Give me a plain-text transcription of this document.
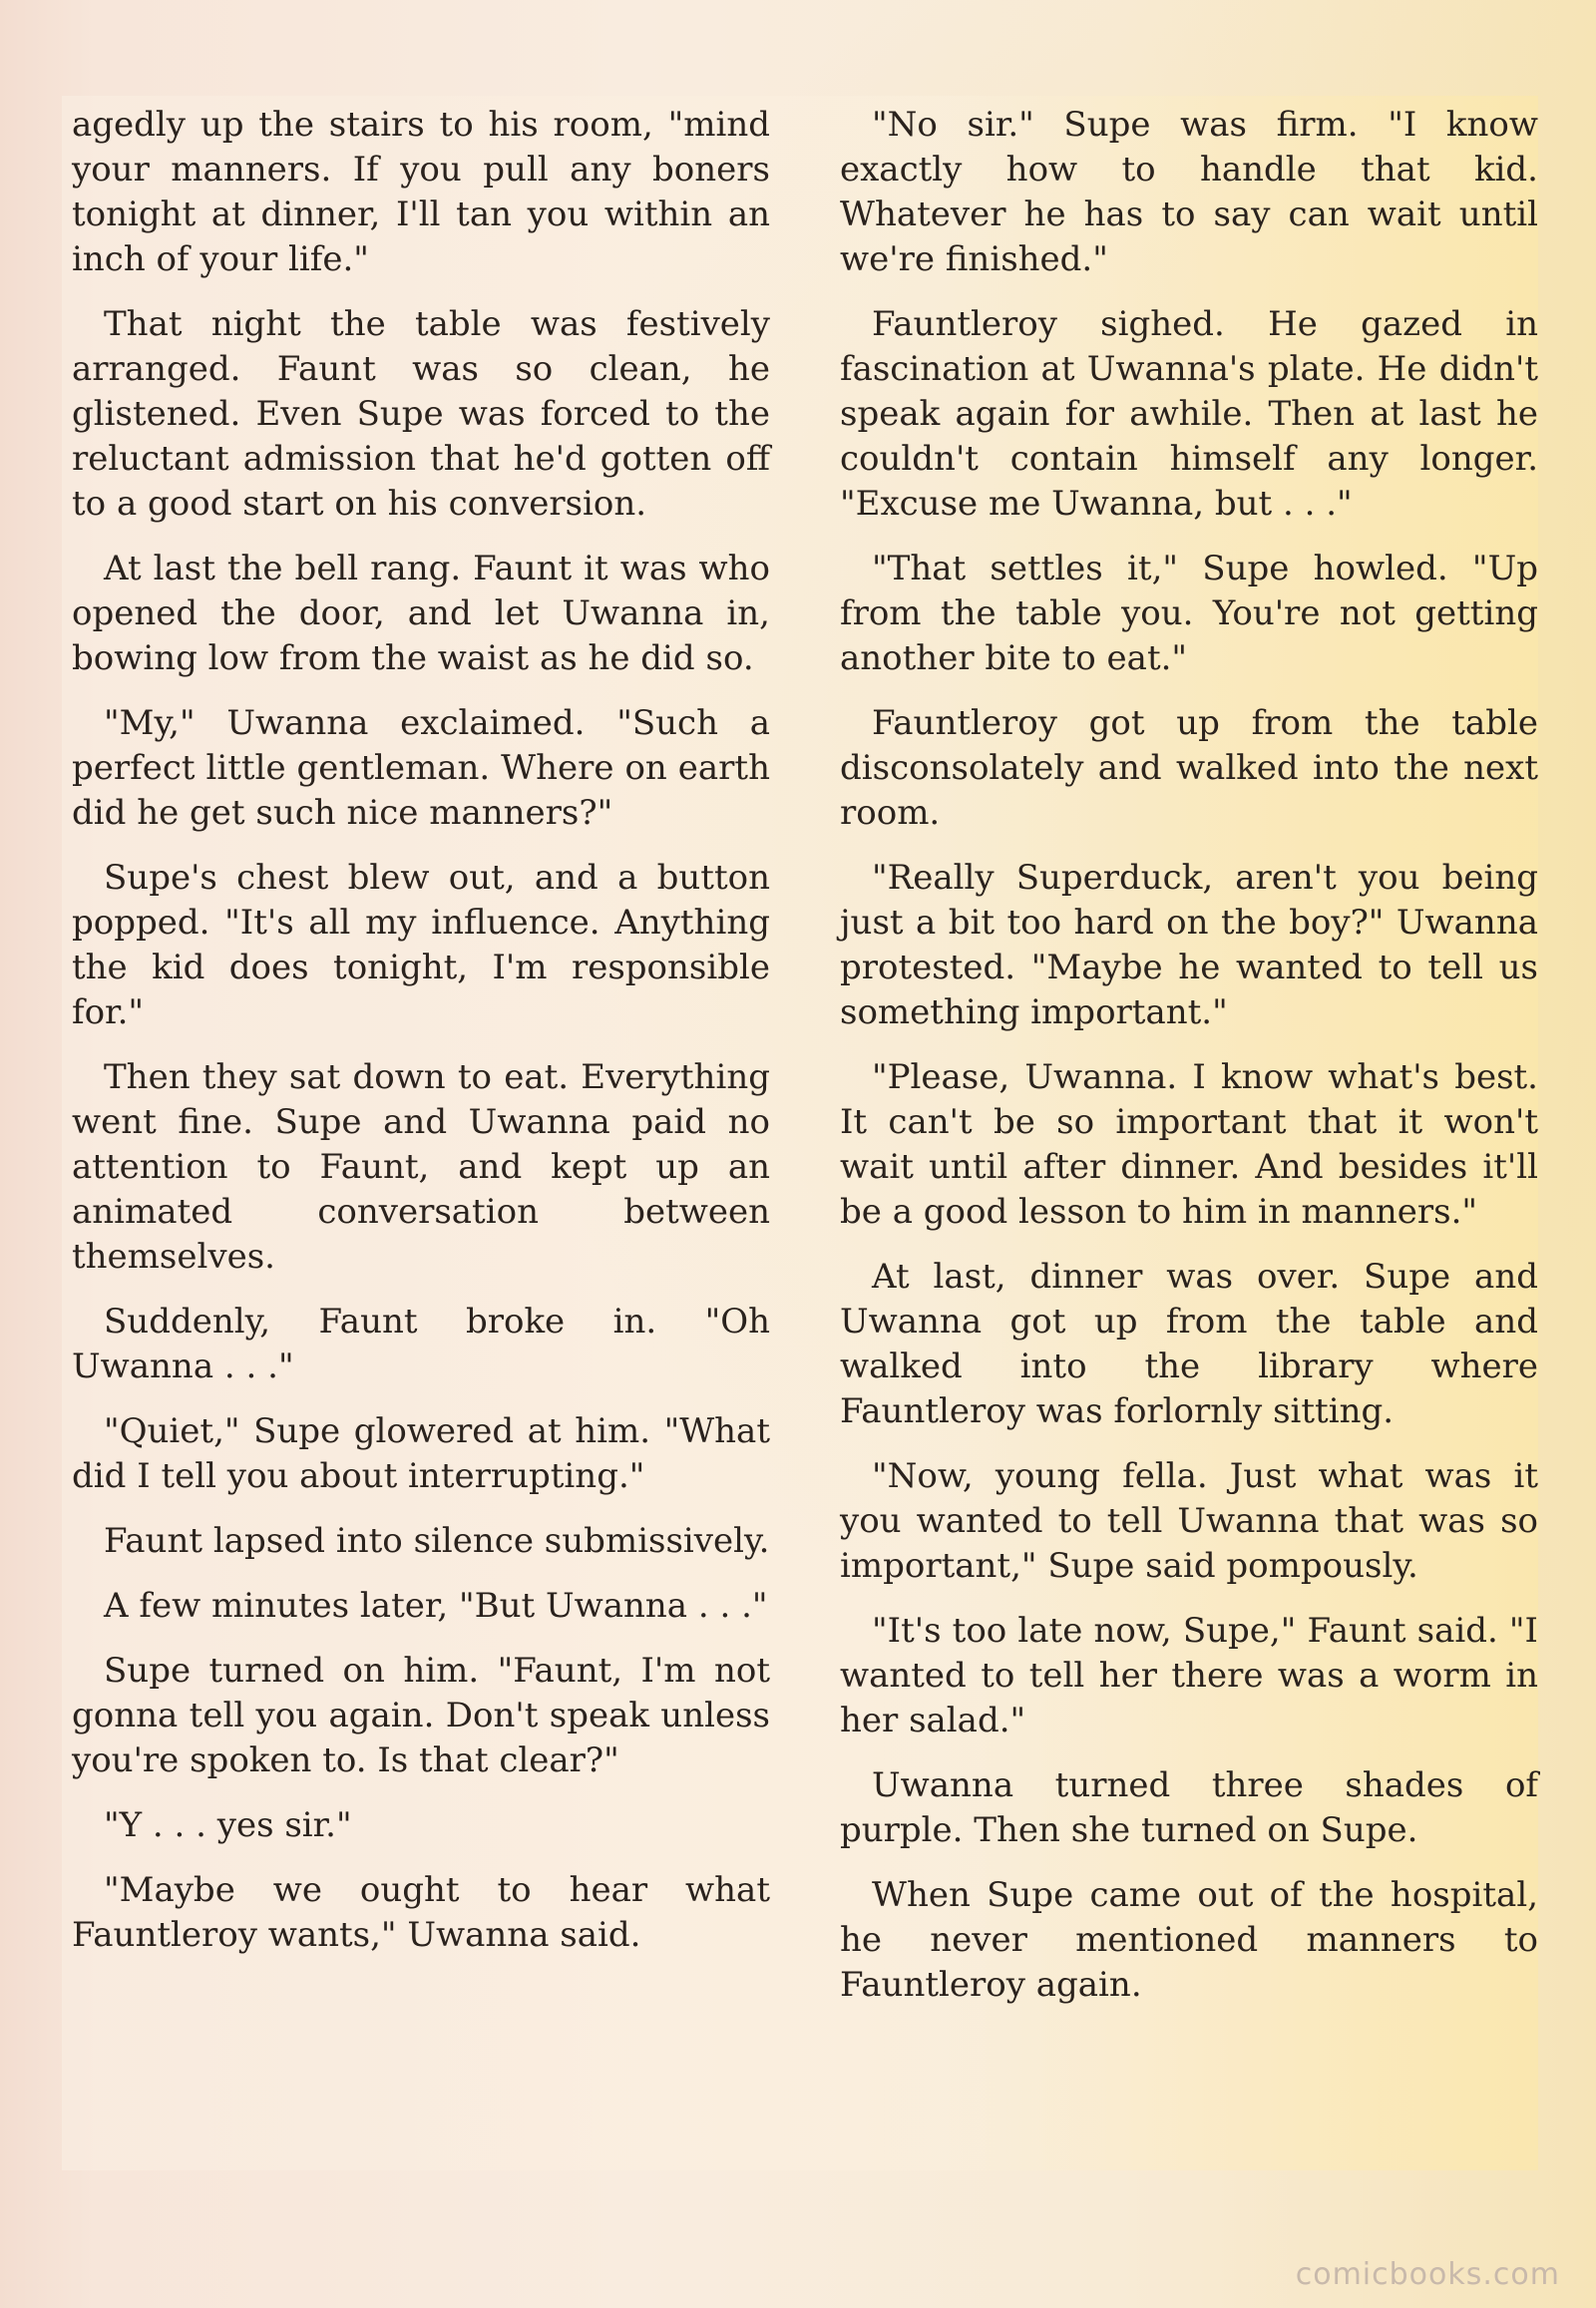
agedly up the stairs to his room, "mind your manners. If you pull any boners tonight at dinner, I'll tan you within an inch of your life."

That night the table was festively arranged. Faunt was so clean, he glistened. Even Supe was forced to the reluctant admission that he'd gotten off to a good start on his conversion.

At last the bell rang. Faunt it was who opened the door, and let Uwanna in, bowing low from the waist as he did so.

"My," Uwanna exclaimed. "Such a perfect little gentleman. Where on earth did he get such nice manners?"

Supe's chest blew out, and a button popped. "It's all my influence. Anything the kid does tonight, I'm responsible for."

Then they sat down to eat. Everything went fine. Supe and Uwanna paid no attention to Faunt, and kept up an animated conversation between themselves.

Suddenly, Faunt broke in. "Oh Uwanna . . ."

"Quiet," Supe glowered at him. "What did I tell you about interrupting."

Faunt lapsed into silence submissively.

A few minutes later, "But Uwanna . . ."

Supe turned on him. "Faunt, I'm not gonna tell you again. Don't speak unless you're spoken to. Is that clear?"

"Y . . . yes sir."

"Maybe we ought to hear what Fauntleroy wants," Uwanna said.

"No sir." Supe was firm. "I know exactly how to handle that kid. Whatever he has to say can wait until we're finished."

Fauntleroy sighed. He gazed in fascination at Uwanna's plate. He didn't speak again for awhile. Then at last he couldn't contain himself any longer. "Excuse me Uwanna, but . . ."

"That settles it," Supe howled. "Up from the table you. You're not getting another bite to eat."

Fauntleroy got up from the table disconsolately and walked into the next room.

"Really Superduck, aren't you being just a bit too hard on the boy?" Uwanna protested. "Maybe he wanted to tell us something important."

"Please, Uwanna. I know what's best. It can't be so important that it won't wait until after dinner. And besides it'll be a good lesson to him in manners."

At last, dinner was over. Supe and Uwanna got up from the table and walked into the library where Fauntleroy was forlornly sitting.

"Now, young fella. Just what was it you wanted to tell Uwanna that was so important," Supe said pompously.

"It's too late now, Supe," Faunt said. "I wanted to tell her there was a worm in her salad."

Uwanna turned three shades of purple. Then she turned on Supe.

When Supe came out of the hospital, he never mentioned manners to Fauntleroy again.

comicbooks.com
